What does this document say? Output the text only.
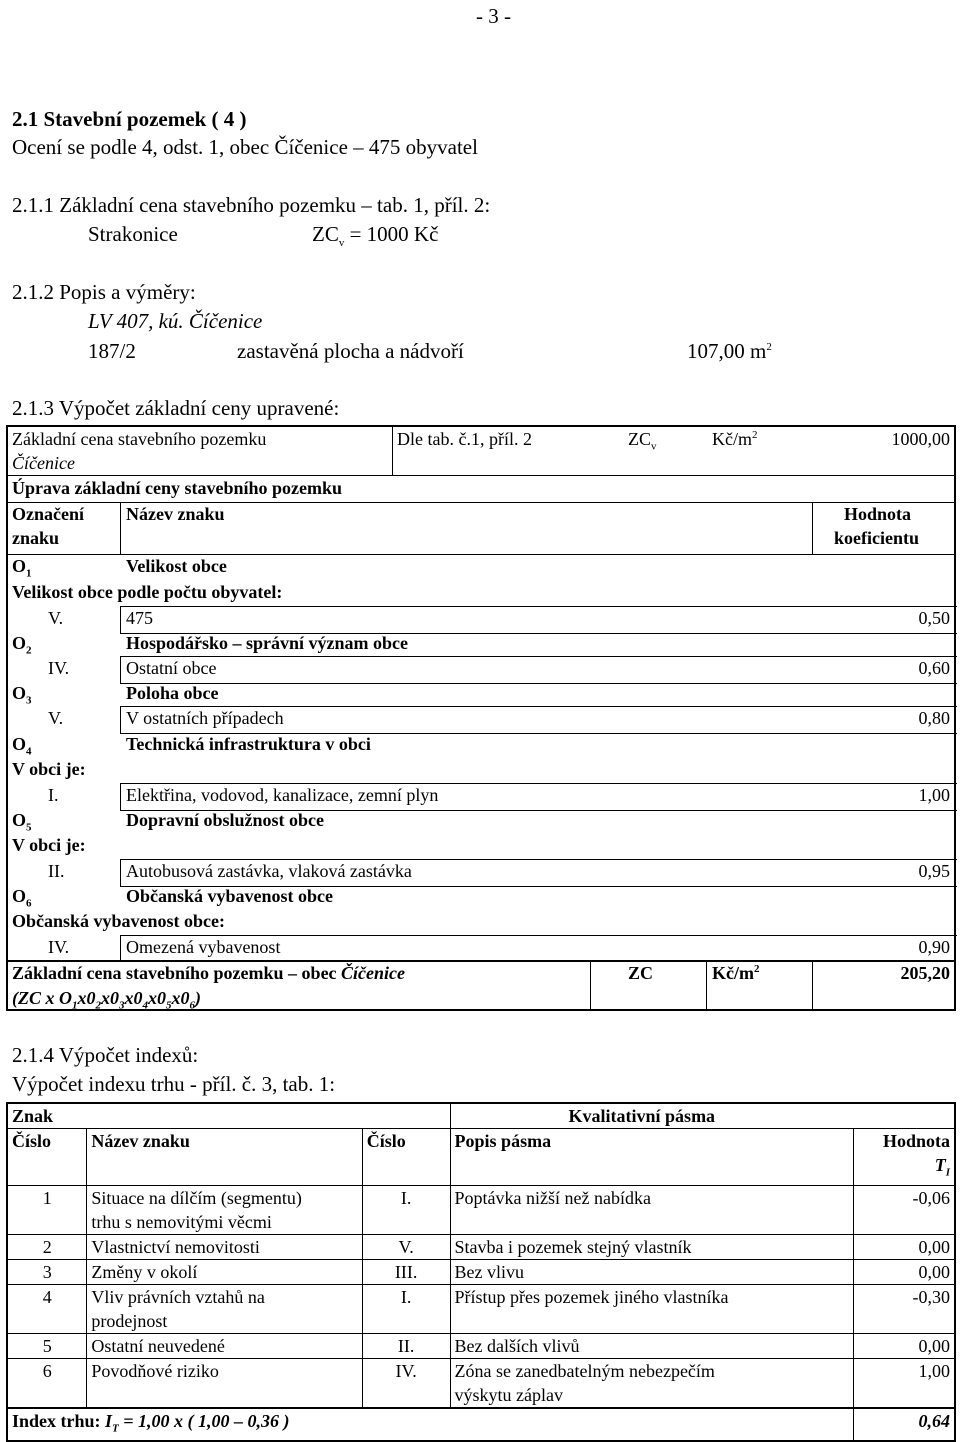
- 3 -
2.1 Stavební pozemek ( 4 )
Ocení se podle 4, odst. 1, obec Číčenice – 475 obyvatel
2.1.1 Základní cena stavebního pozemku – tab. 1, příl. 2:
Strakonice	$ZC_v = 1000$ Kč
2.1.2 Popis a výměry:
LV 407, kú. Číčenice
187/2	zastavěná plocha a nádvoří	107,00 $m^2$
2.1.3 Výpočet základní ceny upravené:
Základní cena stavebního pozemku
Číčenice
Dle tab. č.1, příl. 2	$ZC_v$	$Kč/m^2$	1000,00
Úprava základní ceny stavebního pozemku
Označení
znaku
Název znaku	Hodnota
koeficientu
$O_1$	Velikost obce
Velikost obce podle počtu obyvatel:
V.	475	0,50
$O_2$	Hospodářsko – správní význam obce
IV.	Ostatní obce	0,60
$O_3$	Poloha obce
V.	V ostatních případech	0,80
$O_4$	Technická infrastruktura v obci
V obci je:
I.	Elektřina, vodovod, kanalizace, zemní plyn	1,00
$O_5$	Dopravní obslužnost obce
V obci je:
II.	Autobusová zastávka, vlaková zastávka	0,95
$O_6$	Občanská vybavenost obce
Občanská vybavenost obce:
IV.	Omezená vybavenost	0,90
Základní cena stavebního pozemku – obec Číčenice
(ZC x $O_1x0_2x0_3x0_4x0_5x0_6$)
ZC	$Kč/m^2$	205,20
2.1.4 Výpočet indexů:
Výpočet indexu trhu - příl. č. 3, tab. 1:
Znak			Kvalitativní pásma	
Číslo	Název znaku	Číslo	Popis pásma	Hodnota
$T_I$
1	Situace na dílčím (segmentu)
trhu s nemovitými věcmi	I.	Poptávka nižší než nabídka	-0,06
2	Vlastnictví nemovitosti	V.	Stavba i pozemek stejný vlastník	0,00
3	Změny v okolí	III.	Bez vlivu	0,00
4	Vliv právních vztahů na
prodejnost	I.	Přístup přes pozemek jiného vlastníka	-0,30
5	Ostatní neuvedené	II.	Bez dalších vlivů	0,00
6	Povodňové riziko	IV.	Zóna se zanedbatelným nebezpečím
výskytu záplav	1,00
Index trhu: $I_T = 1,00$ x ( 1,00 – 0,36 )				0,64
